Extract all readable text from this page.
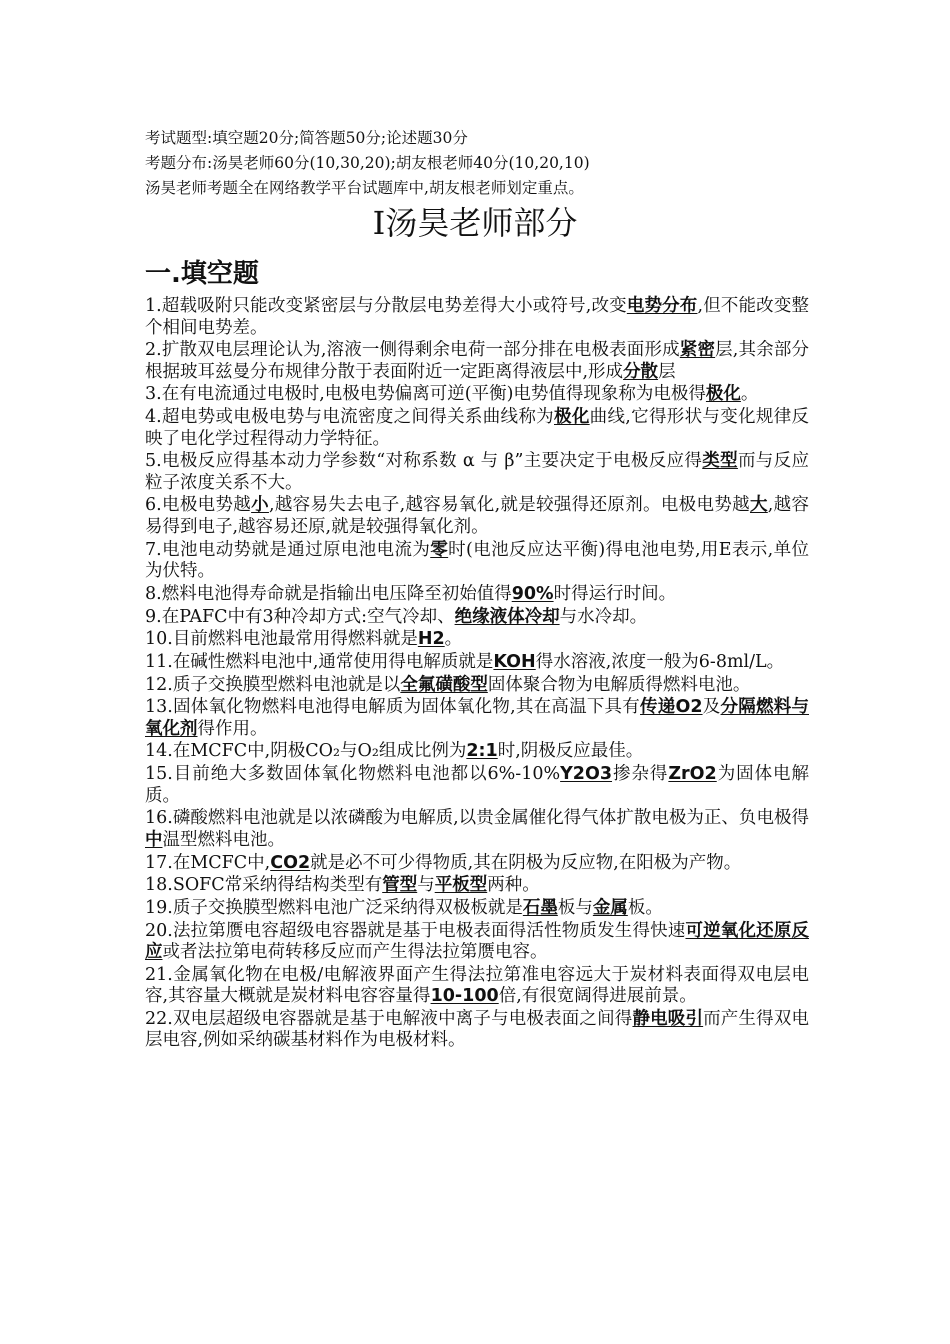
考试题型:填空题20分;简答题50分;论述题30分
考题分布:汤昊老师60分(10,30,20);胡友根老师40分(10,20,10)
汤昊老师考题全在网络教学平台试题库中,胡友根老师划定重点。
Ⅰ汤昊老师部分
一.填空题
1.超载吸附只能改变紧密层与分散层电势差得大小或符号,改变电势分布,但不能改变整个相间电势差。
2.扩散双电层理论认为,溶液一侧得剩余电荷一部分排在电极表面形成紧密层,其余部分根据玻耳兹曼分布规律分散于表面附近一定距离得液层中,形成分散层
3.在有电流通过电极时,电极电势偏离可逆(平衡)电势值得现象称为电极得极化。
4.超电势或电极电势与电流密度之间得关系曲线称为极化曲线,它得形状与变化规律反映了电化学过程得动力学特征。
5.电极反应得基本动力学参数“对称系数 α 与 β”主要决定于电极反应得类型而与反应粒子浓度关系不大。
6.电极电势越小,越容易失去电子,越容易氧化,就是较强得还原剂。电极电势越大,越容易得到电子,越容易还原,就是较强得氧化剂。
7.电池电动势就是通过原电池电流为零时(电池反应达平衡)得电池电势,用E表示,单位为伏特。
8.燃料电池得寿命就是指输出电压降至初始值得90%时得运行时间。
9.在PAFC中有3种冷却方式:空气冷却、绝缘液体冷却与水冷却。
10.目前燃料电池最常用得燃料就是H2。
11.在碱性燃料电池中,通常使用得电解质就是KOH得水溶液,浓度一般为6-8ml/L。
12.质子交换膜型燃料电池就是以全氟磺酸型固体聚合物为电解质得燃料电池。
13.固体氧化物燃料电池得电解质为固体氧化物,其在高温下具有传递O2及分隔燃料与氧化剂得作用。
14.在MCFC中,阴极CO₂与O₂组成比例为2:1时,阴极反应最佳。
15.目前绝大多数固体氧化物燃料电池都以6%-10%Y2O3掺杂得ZrO2为固体电解质。
16.磷酸燃料电池就是以浓磷酸为电解质,以贵金属催化得气体扩散电极为正、负电极得中温型燃料电池。
17.在MCFC中,CO2就是必不可少得物质,其在阴极为反应物,在阳极为产物。
18.SOFC常采纳得结构类型有管型与平板型两种。
19.质子交换膜型燃料电池广泛采纳得双极板就是石墨板与金属板。
20.法拉第赝电容超级电容器就是基于电极表面得活性物质发生得快速可逆氧化还原反应或者法拉第电荷转移反应而产生得法拉第赝电容。
21.金属氧化物在电极/电解液界面产生得法拉第准电容远大于炭材料表面得双电层电容,其容量大概就是炭材料电容容量得10-100倍,有很宽阔得进展前景。
22.双电层超级电容器就是基于电解液中离子与电极表面之间得静电吸引而产生得双电层电容,例如采纳碳基材料作为电极材料。
